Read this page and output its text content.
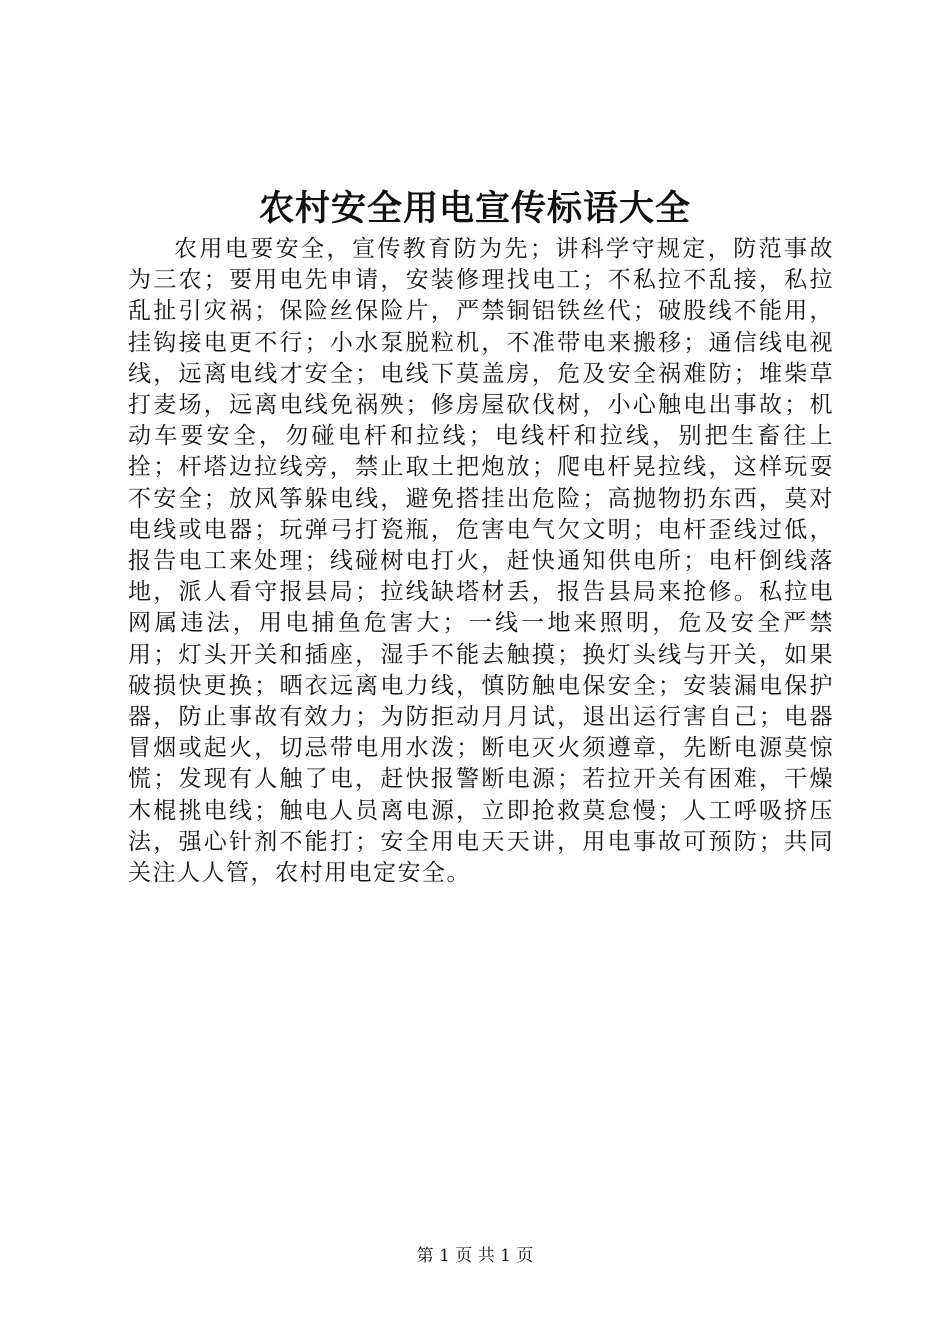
农村安全用电宣传标语大全

农用电要安全，宣传教育防为先；讲科学守规定，防范事故为三农；要用电先申请，安装修理找电工；不私拉不乱接，私拉乱扯引灾祸；保险丝保险片，严禁铜铝铁丝代；破股线不能用，挂钩接电更不行；小水泵脱粒机，不准带电来搬移；通信线电视线，远离电线才安全；电线下莫盖房，危及安全祸难防；堆柴草打麦场，远离电线免祸殃；修房屋砍伐树，小心触电出事故；机动车要安全，勿碰电杆和拉线；电线杆和拉线，别把生畜往上拴；杆塔边拉线旁，禁止取土把炮放；爬电杆晃拉线，这样玩耍不安全；放风筝躲电线，避免搭挂出危险；高抛物扔东西，莫对电线或电器；玩弹弓打瓷瓶，危害电气欠文明；电杆歪线过低，报告电工来处理；线碰树电打火，赶快通知供电所；电杆倒线落地，派人看守报县局；拉线缺塔材丢，报告县局来抢修。私拉电网属违法，用电捕鱼危害大；一线一地来照明，危及安全严禁用；灯头开关和插座，湿手不能去触摸；换灯头线与开关，如果破损快更换；晒衣远离电力线，慎防触电保安全；安装漏电保护器，防止事故有效力；为防拒动月月试，退出运行害自己；电器冒烟或起火，切忌带电用水泼；断电灭火须遵章，先断电源莫惊慌；发现有人触了电，赶快报警断电源；若拉开关有困难，干燥木棍挑电线；触电人员离电源，立即抢救莫怠慢；人工呼吸挤压法，强心针剂不能打；安全用电天天讲，用电事故可预防；共同关注人人管，农村用电定安全。

第 1 页 共 1 页
